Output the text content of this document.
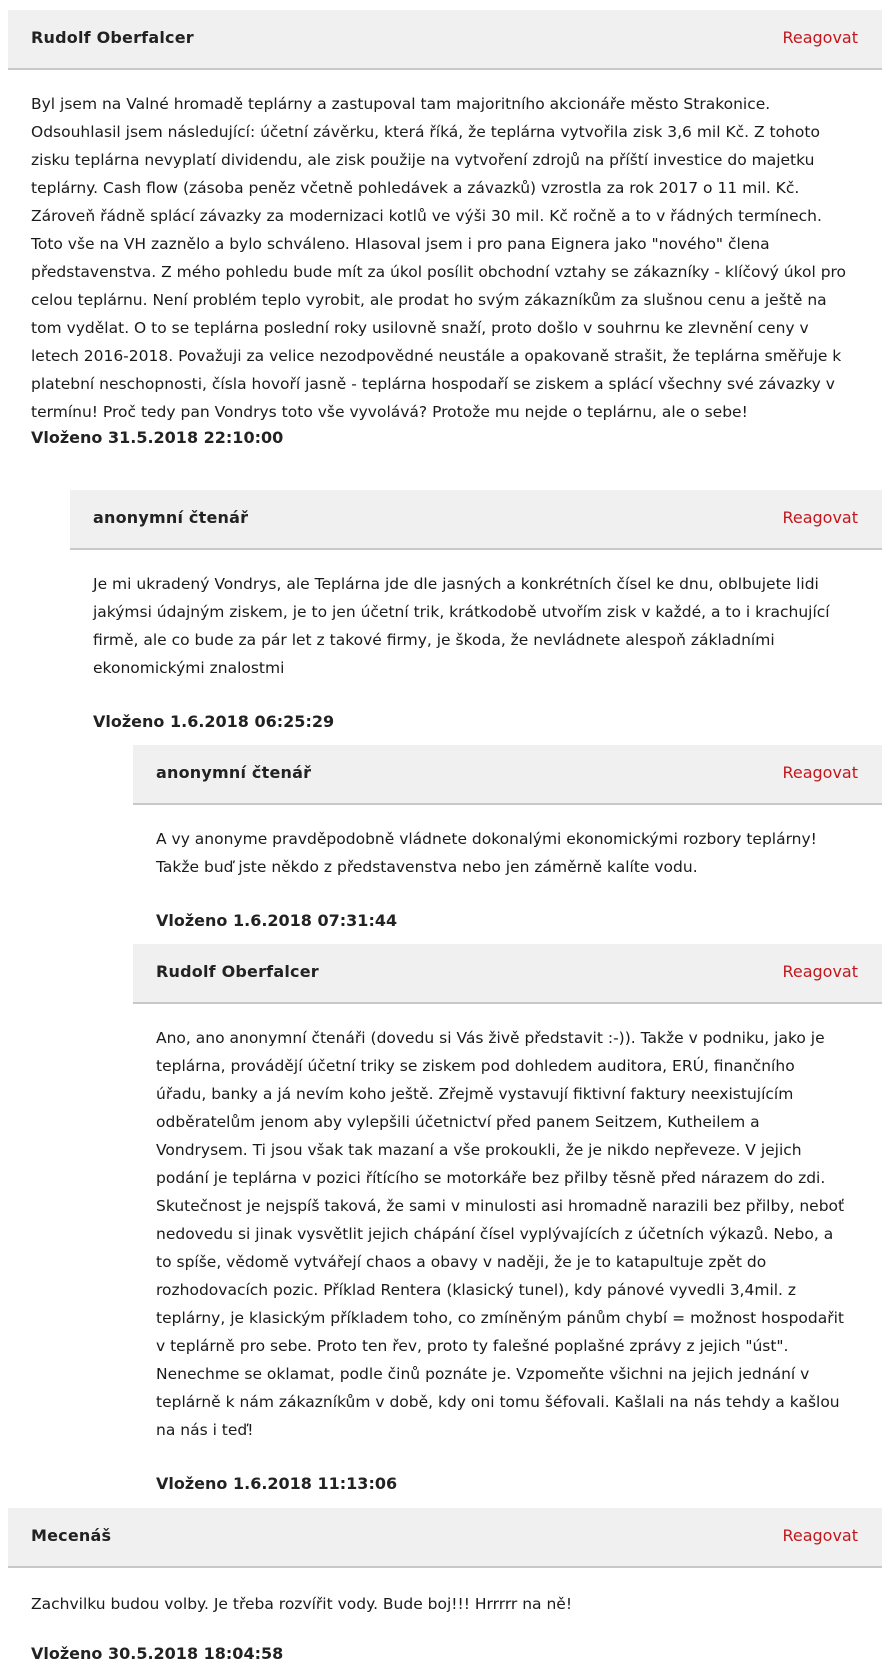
Rudolf Oberfalcer	Reagovat
Byl jsem na Valné hromadě teplárny a zastupoval tam majoritního akcionáře město Strakonice.
Odsouhlasil jsem následující: účetní závěrku, která říká, že teplárna vytvořila zisk 3,6 mil Kč. Z tohoto
zisku teplárna nevyplatí dividendu, ale zisk použije na vytvoření zdrojů na příští investice do majetku
teplárny. Cash flow (zásoba peněz včetně pohledávek a závazků) vzrostla za rok 2017 o 11 mil. Kč.
Zároveň řádně splácí závazky za modernizaci kotlů ve výši 30 mil. Kč ročně a to v řádných termínech.
Toto vše na VH zaznělo a bylo schváleno. Hlasoval jsem i pro pana Eignera jako "nového" člena
představenstva. Z mého pohledu bude mít za úkol posílit obchodní vztahy se zákazníky - klíčový úkol pro
celou teplárnu. Není problém teplo vyrobit, ale prodat ho svým zákazníkům za slušnou cenu a ještě na
tom vydělat. O to se teplárna poslední roky usilovně snaží, proto došlo v souhrnu ke zlevnění ceny v
letech 2016-2018. Považuji za velice nezodpovědné neustále a opakovaně strašit, že teplárna směřuje k
platební neschopnosti, čísla hovoří jasně - teplárna hospodaří se ziskem a splácí všechny své závazky v
termínu! Proč tedy pan Vondrys toto vše vyvolává? Protože mu nejde o teplárnu, ale o sebe!
Vloženo 31.5.2018 22:10:00
anonymní čtenář	Reagovat
Je mi ukradený Vondrys, ale Teplárna jde dle jasných a konkrétních čísel ke dnu, oblbujete lidi
jakýmsi údajným ziskem, je to jen účetní trik, krátkodobě utvořím zisk v každé, a to i krachující
firmě, ale co bude za pár let z takové firmy, je škoda, že nevládnete alespoň základními
ekonomickými znalostmi
Vloženo 1.6.2018 06:25:29
anonymní čtenář	Reagovat
A vy anonyme pravděpodobně vládnete dokonalými ekonomickými rozbory teplárny!
Takže buď jste někdo z představenstva nebo jen záměrně kalíte vodu.
Vloženo 1.6.2018 07:31:44
Rudolf Oberfalcer	Reagovat
Ano, ano anonymní čtenáři (dovedu si Vás živě představit :-)). Takže v podniku, jako je
teplárna, provádějí účetní triky se ziskem pod dohledem auditora, ERÚ, finančního
úřadu, banky a já nevím koho ještě. Zřejmě vystavují fiktivní faktury neexistujícím
odběratelům jenom aby vylepšili účetnictví před panem Seitzem, Kutheilem a
Vondrysem. Ti jsou však tak mazaní a vše prokoukli, že je nikdo nepřeveze. V jejich
podání je teplárna v pozici řítícího se motorkáře bez přilby těsně před nárazem do zdi.
Skutečnost je nejspíš taková, že sami v minulosti asi hromadně narazili bez přilby, neboť
nedovedu si jinak vysvětlit jejich chápání čísel vyplývajících z účetních výkazů. Nebo, a
to spíše, vědomě vytvářejí chaos a obavy v naději, že je to katapultuje zpět do
rozhodovacích pozic. Příklad Rentera (klasický tunel), kdy pánové vyvedli 3,4mil. z
teplárny, je klasickým příkladem toho, co zmíněným pánům chybí = možnost hospodařit
v teplárně pro sebe. Proto ten řev, proto ty falešné poplašné zprávy z jejich "úst".
Nenechme se oklamat, podle činů poznáte je. Vzpomeňte všichni na jejich jednání v
teplárně k nám zákazníkům v době, kdy oni tomu šéfovali. Kašlali na nás tehdy a kašlou
na nás i teď!
Vloženo 1.6.2018 11:13:06
Mecenáš	Reagovat
Zachvilku budou volby. Je třeba rozvířit vody. Bude boj!!! Hrrrrr na ně!
Vloženo 30.5.2018 18:04:58
